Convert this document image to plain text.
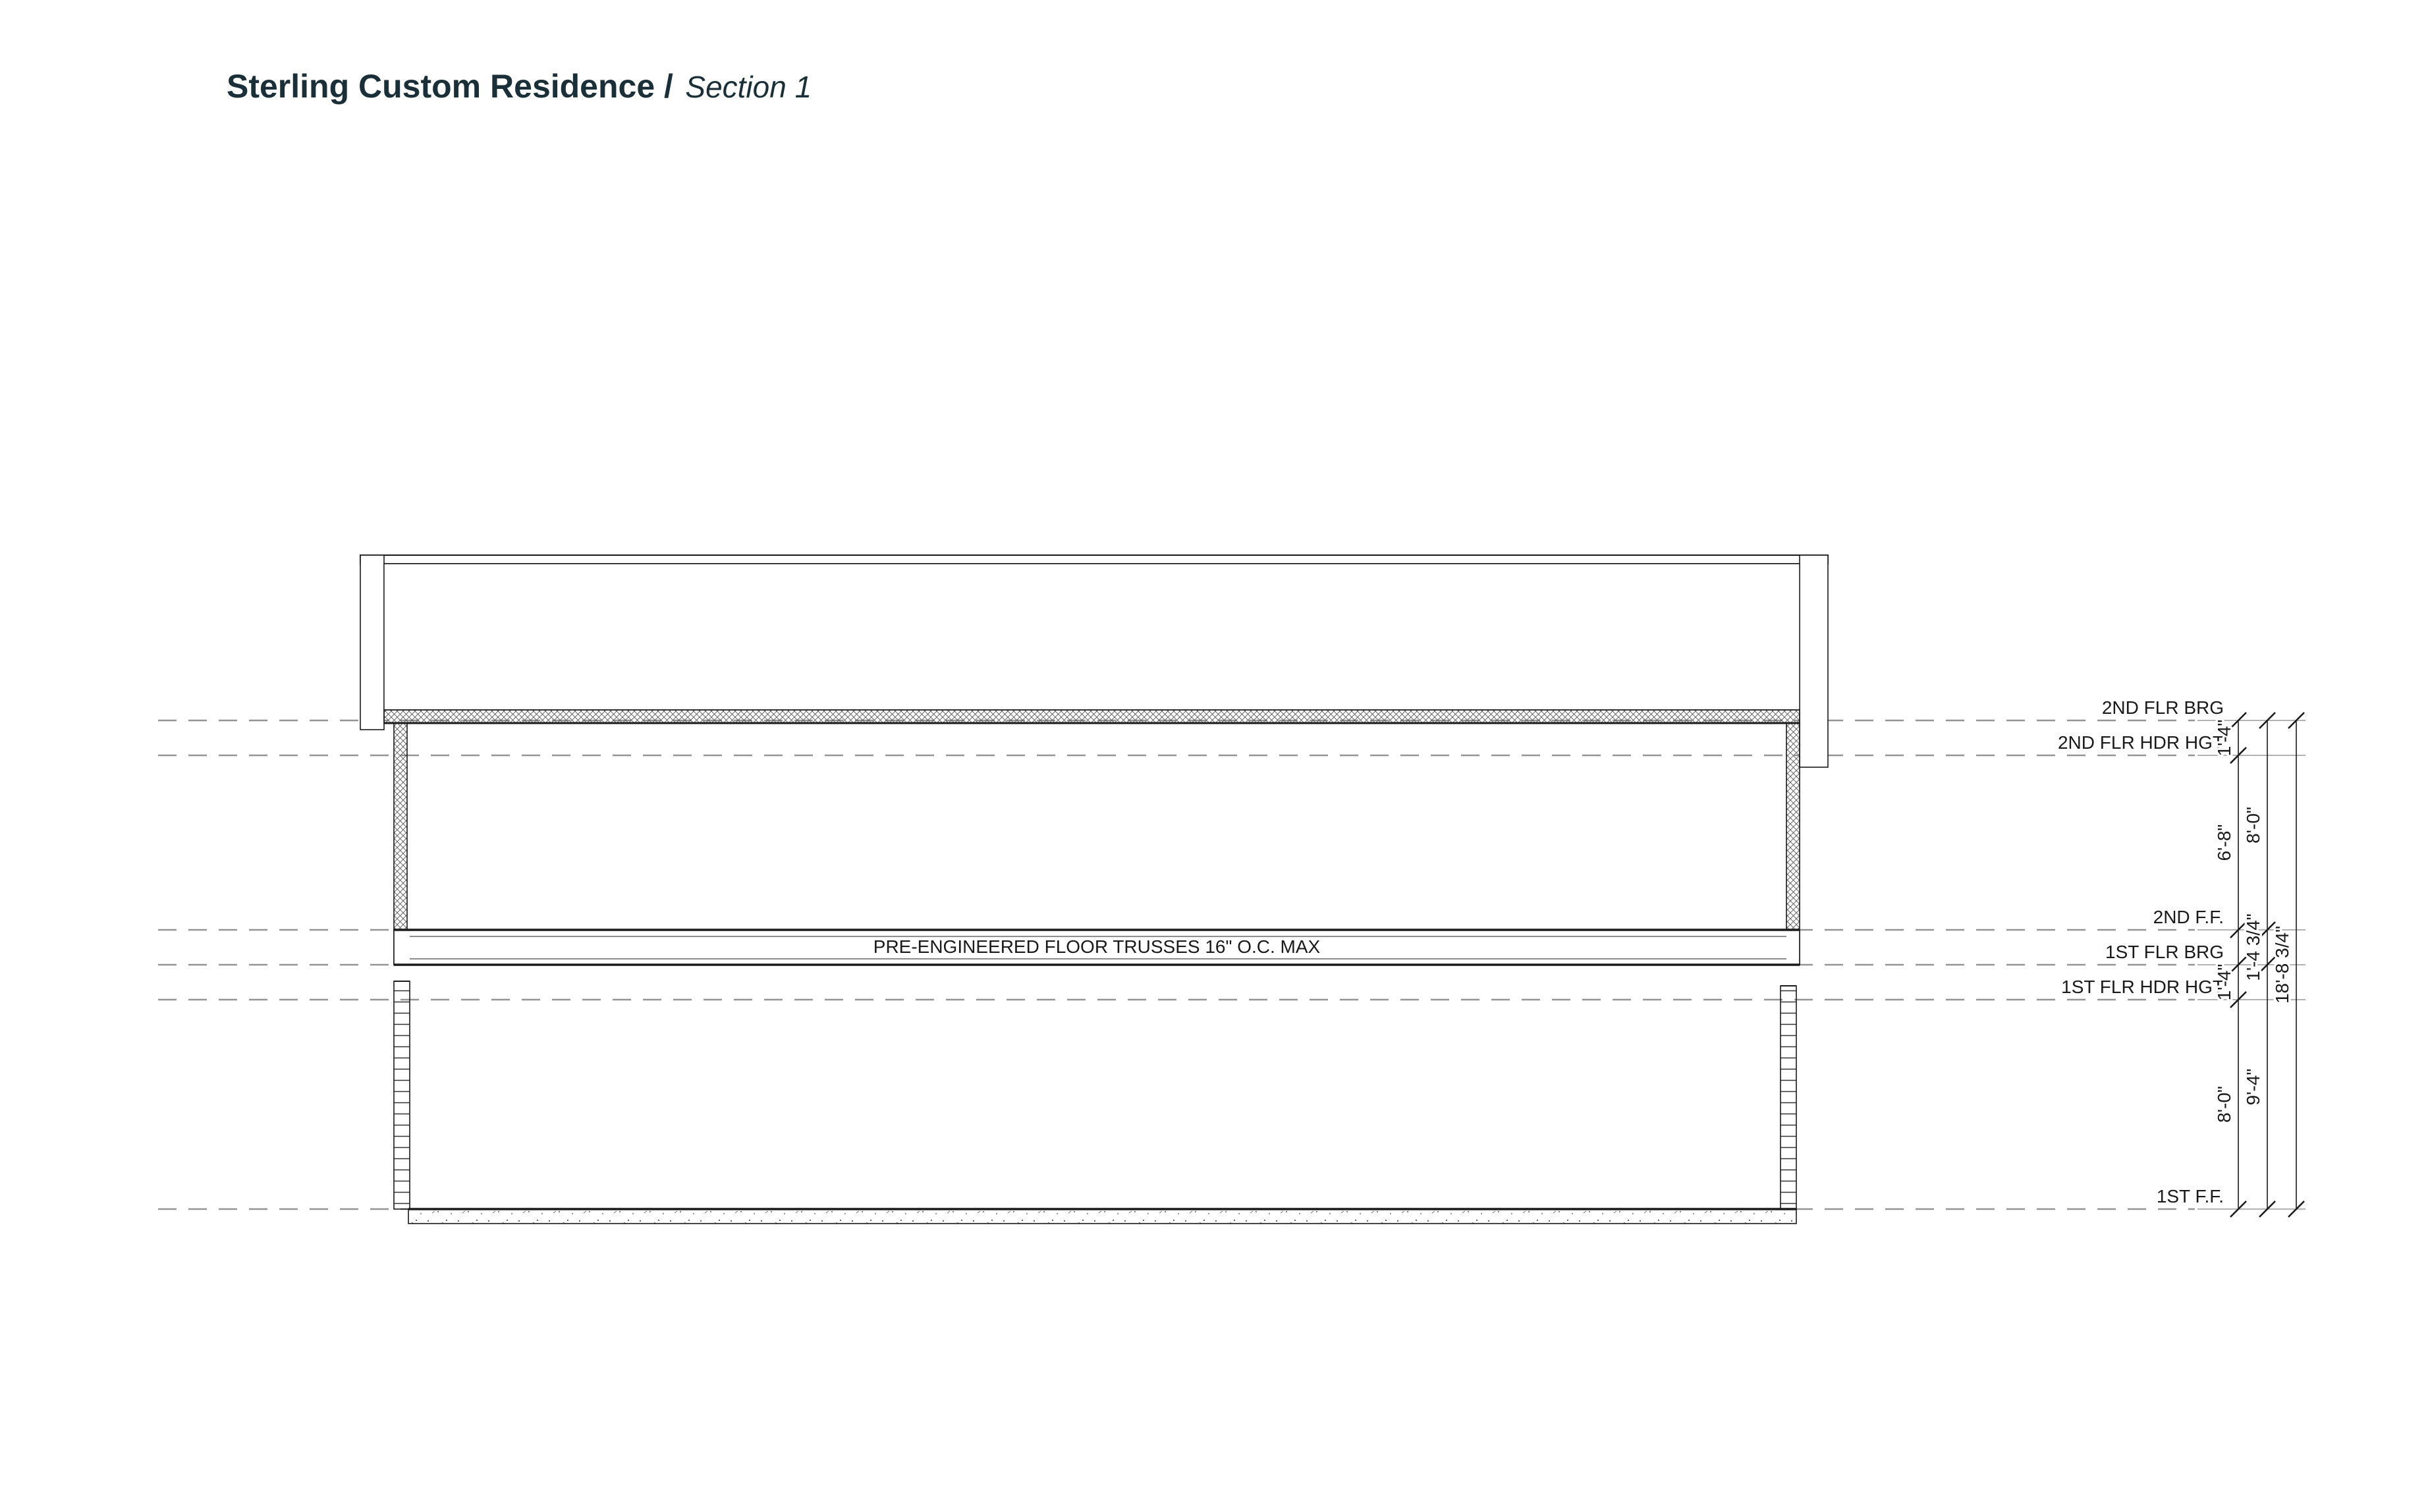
Sterling Custom Residence / Section 1
2ND FLR BRG
2ND FLR HDR HGT
2ND F.F.
1ST FLR BRG
1ST FLR HDR HGT
1ST F.F.
1'-4"
6'-8"
1'-4"
8'-0"
8'-0"
1'-4 3/4"
9'-4"
18'-8 3/4"
PRE-ENGINEERED FLOOR TRUSSES 16" O.C. MAX
